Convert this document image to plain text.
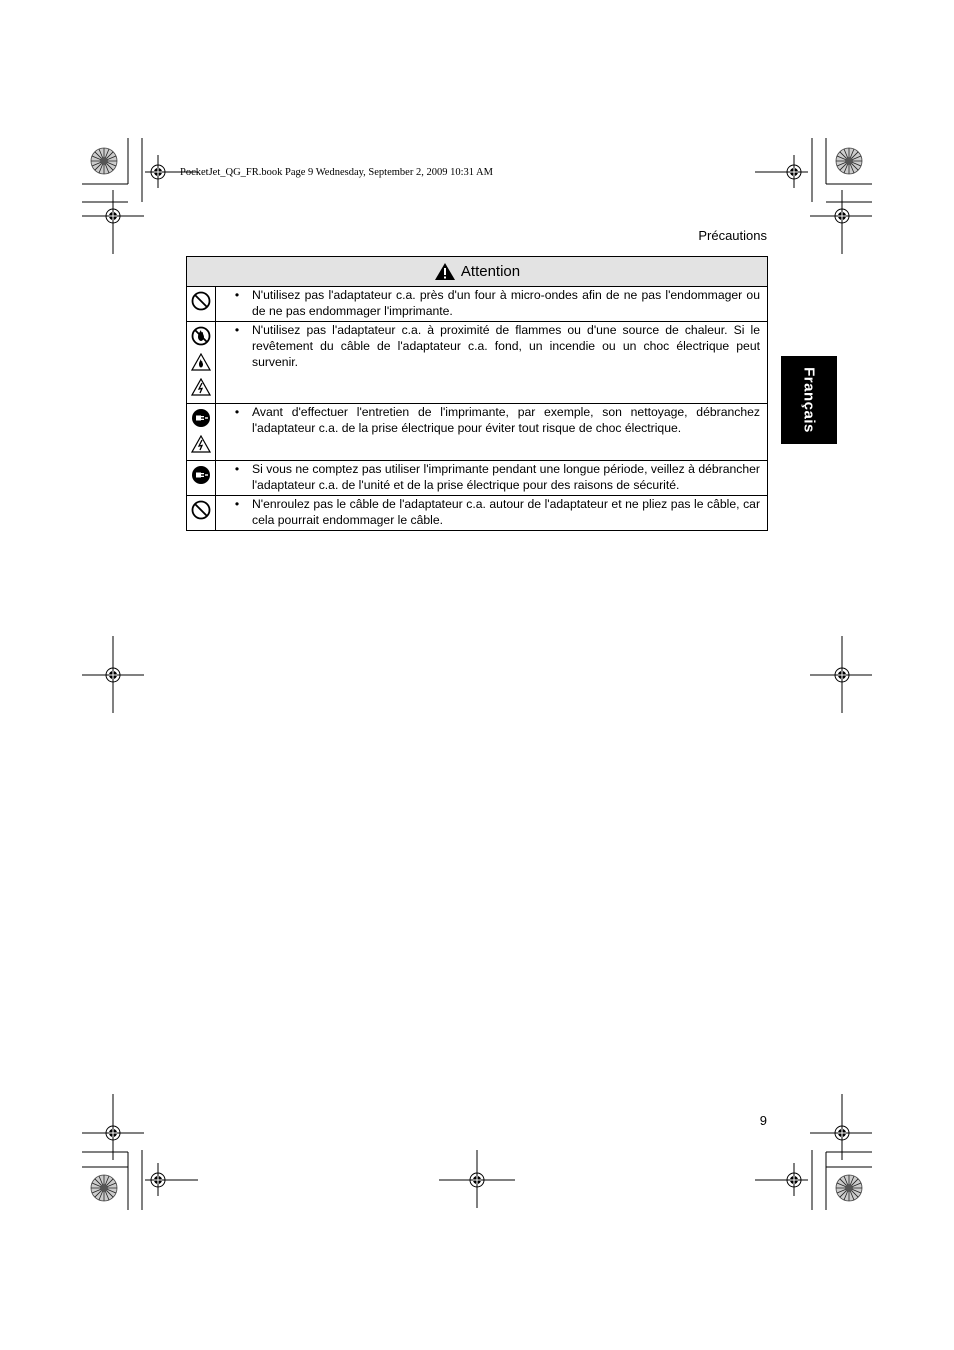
PocketJet_QG_FR.book Page 9 Wednesday, September 2, 2009 10:31 AM
Précautions
Français
Attention	

• N'utilisez pas l'adaptateur c.a. près d'un four à micro-ondes afin de ne pas l'endommager ou de ne pas endommager l'imprimante.

• N'utilisez pas l'adaptateur c.a. à proximité de flammes ou d'une source de chaleur. Si le revêtement du câble de l'adaptateur c.a. fond, un incendie ou un choc électrique peut survenir.

• Avant d'effectuer l'entretien de l'imprimante, par exemple, son nettoyage, débranchez l'adaptateur c.a. de la prise électrique pour éviter tout risque de choc électrique.

• Si vous ne comptez pas utiliser l'imprimante pendant une longue période, veillez à débrancher l'adaptateur c.a. de l'unité et de la prise électrique pour des raisons de sécurité.

• N'enroulez pas le câble de l'adaptateur c.a. autour de l'adaptateur et ne pliez pas le câble, car cela pourrait endommager le câble.
9
